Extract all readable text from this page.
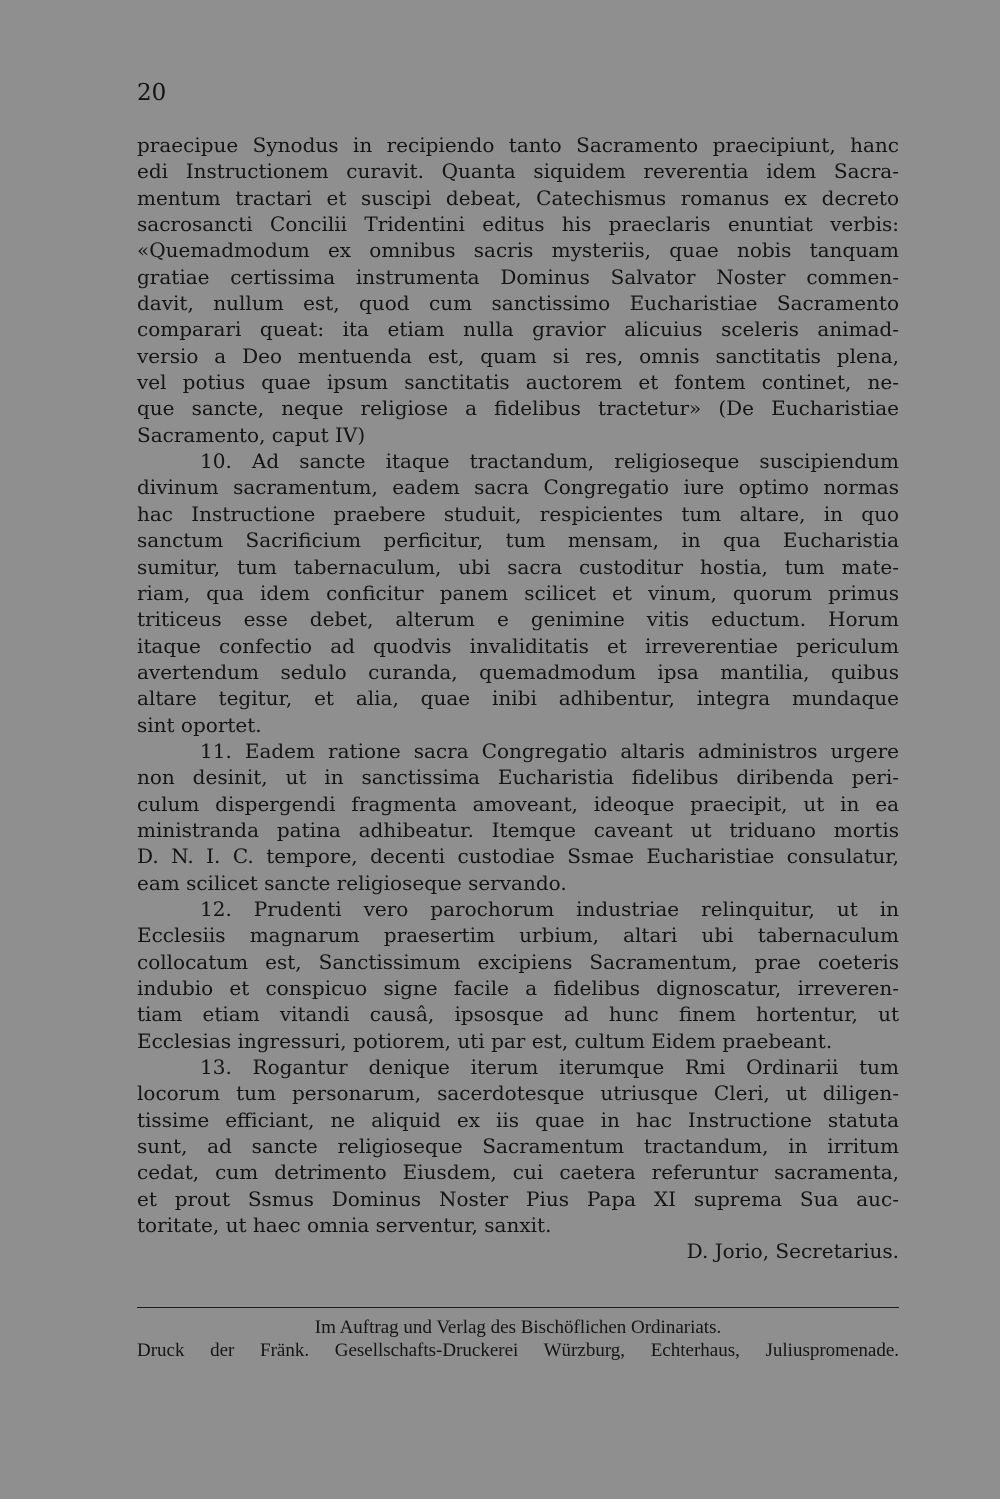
20
praecipue Synodus in recipiendo tanto Sacramento praecipiunt, hanc
edi Instructionem curavit. Quanta siquidem reverentia idem Sacra-
mentum tractari et suscipi debeat, Catechismus romanus ex decreto
sacrosancti Concilii Tridentini editus his praeclaris enuntiat verbis:
«Quemadmodum ex omnibus sacris mysteriis, quae nobis tanquam
gratiae certissima instrumenta Dominus Salvator Noster commen-
davit, nullum est, quod cum sanctissimo Eucharistiae Sacramento
comparari queat: ita etiam nulla gravior alicuius sceleris animad-
versio a Deo mentuenda est, quam si res, omnis sanctitatis plena,
vel potius quae ipsum sanctitatis auctorem et fontem continet, ne-
que sancte, neque religiose a fidelibus tractetur» (De Eucharistiae
Sacramento, caput IV)
10. Ad sancte itaque tractandum, religioseque suscipiendum
divinum sacramentum, eadem sacra Congregatio iure optimo normas
hac Instructione praebere studuit, respicientes tum altare, in quo
sanctum Sacrificium perficitur, tum mensam, in qua Eucharistia
sumitur, tum tabernaculum, ubi sacra custoditur hostia, tum mate-
riam, qua idem conficitur panem scilicet et vinum, quorum primus
triticeus esse debet, alterum e genimine vitis eductum. Horum
itaque confectio ad quodvis invaliditatis et irreverentiae periculum
avertendum sedulo curanda, quemadmodum ipsa mantilia, quibus
altare tegitur, et alia, quae inibi adhibentur, integra mundaque
sint oportet.
11. Eadem ratione sacra Congregatio altaris administros urgere
non desinit, ut in sanctissima Eucharistia fidelibus diribenda peri-
culum dispergendi fragmenta amoveant, ideoque praecipit, ut in ea
ministranda patina adhibeatur. Itemque caveant ut triduano mortis
D. N. I. C. tempore, decenti custodiae Ssmae Eucharistiae consulatur,
eam scilicet sancte religioseque servando.
12. Prudenti vero parochorum industriae relinquitur, ut in
Ecclesiis magnarum praesertim urbium, altari ubi tabernaculum
collocatum est, Sanctissimum excipiens Sacramentum, prae coeteris
indubio et conspicuo signe facile a fidelibus dignoscatur, irreveren-
tiam etiam vitandi causâ, ipsosque ad hunc finem hortentur, ut
Ecclesias ingressuri, potiorem, uti par est, cultum Eidem praebeant.
13. Rogantur denique iterum iterumque Rmi Ordinarii tum
locorum tum personarum, sacerdotesque utriusque Cleri, ut diligen-
tissime efficiant, ne aliquid ex iis quae in hac Instructione statuta
sunt, ad sancte religioseque Sacramentum tractandum, in irritum
cedat, cum detrimento Eiusdem, cui caetera referuntur sacramenta,
et prout Ssmus Dominus Noster Pius Papa XI suprema Sua auc-
toritate, ut haec omnia serventur, sanxit.
D. Jorio, Secretarius.
Im Auftrag und Verlag des Bischöflichen Ordinariats.
Druck der Fränk. Gesellschafts-Druckerei Würzburg, Echterhaus, Juliuspromenade.
